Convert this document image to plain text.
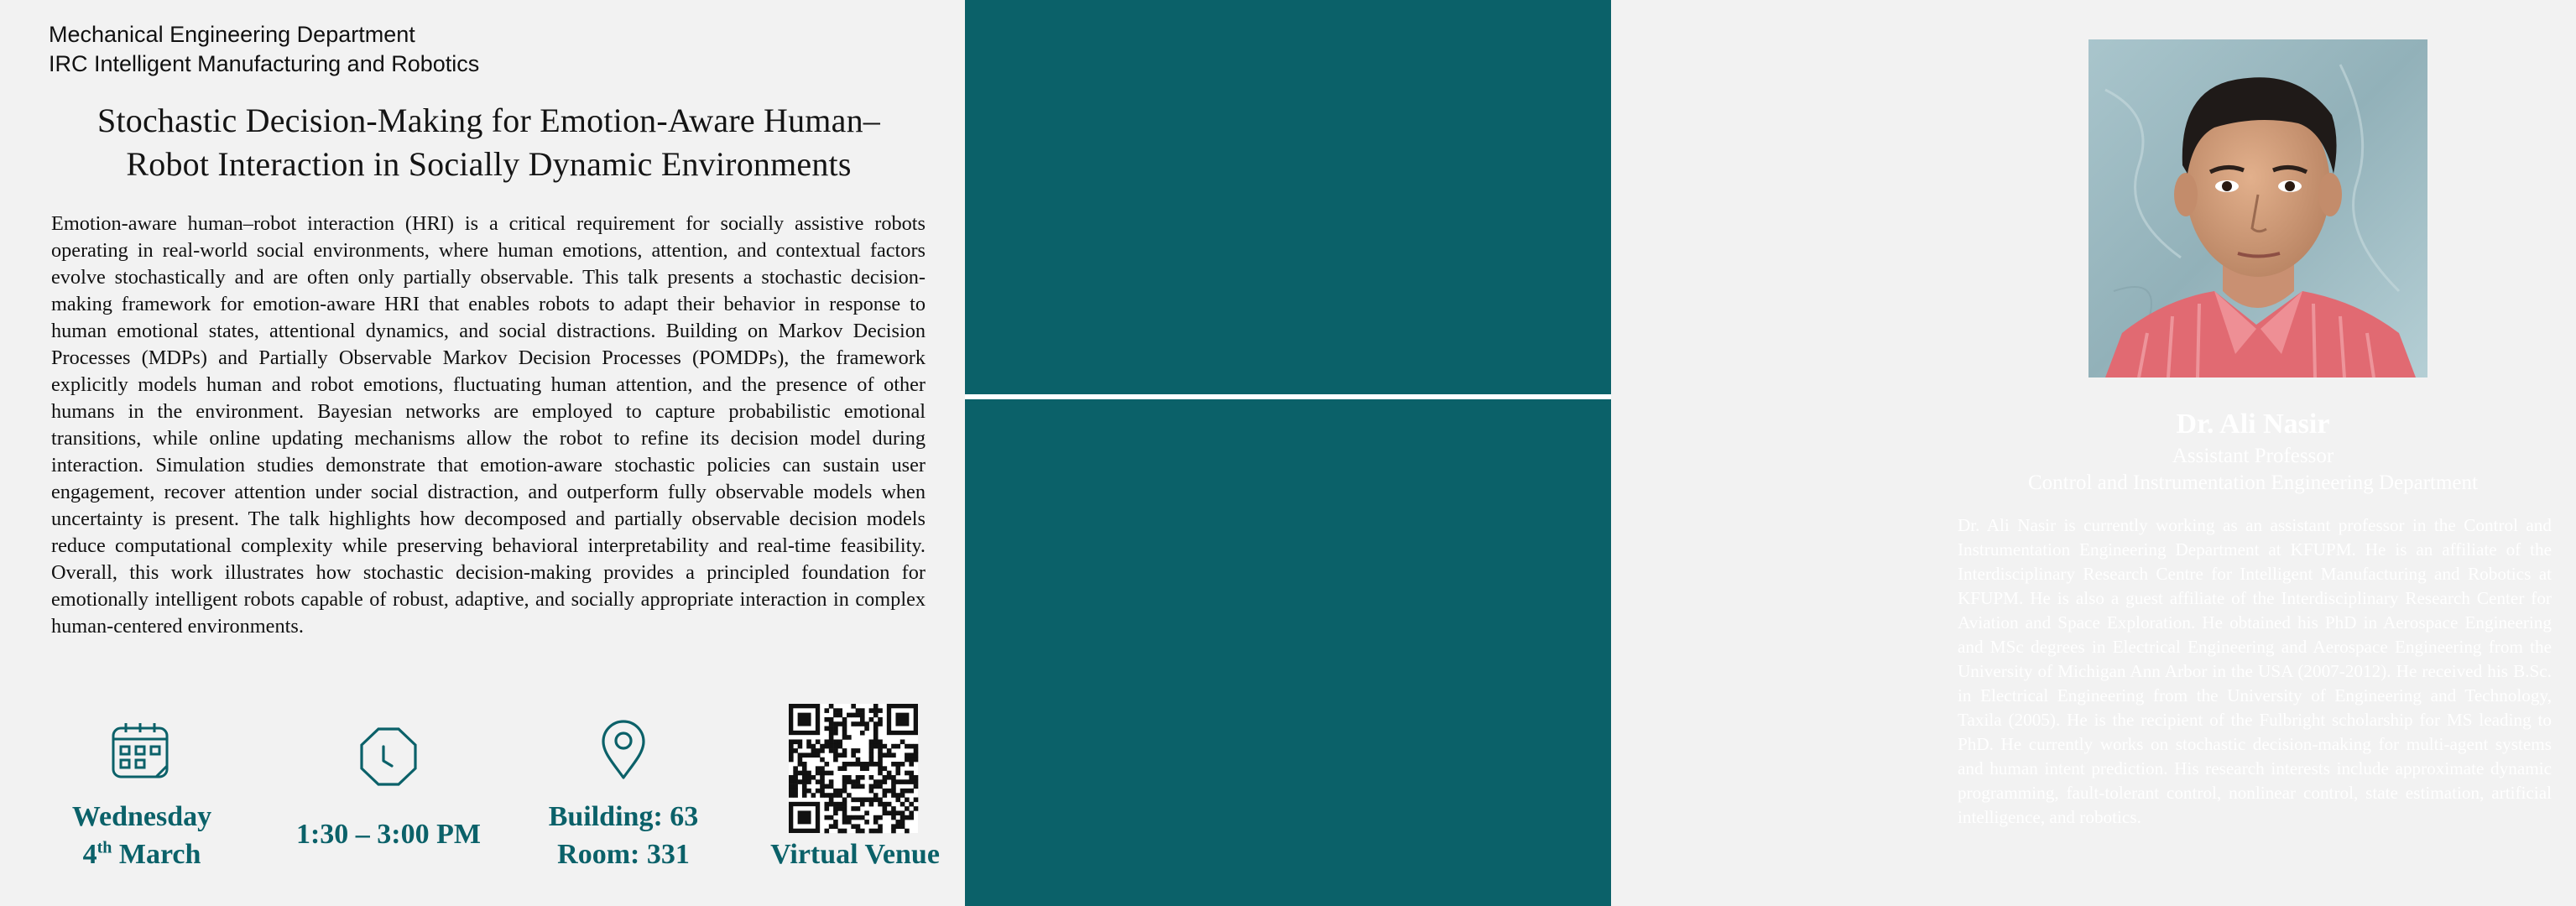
Mechanical Engineering Department
IRC Intelligent Manufacturing and Robotics
Stochastic Decision-Making for Emotion-Aware Human–
Robot Interaction in Socially Dynamic Environments

Emotion-aware human–robot interaction (HRI) is a critical requirement for socially assistive robots operating in real-world social environments, where human emotions, attention, and contextual factors evolve stochastically and are often only partially observable. This talk presents a stochastic decision-making framework for emotion-aware HRI that enables robots to adapt their behavior in response to human emotional states, attentional dynamics, and social distractions. Building on Markov Decision Processes (MDPs) and Partially Observable Markov Decision Processes (POMDPs), the framework explicitly models human and robot emotions, fluctuating human attention, and the presence of other humans in the environment. Bayesian networks are employed to capture probabilistic emotional transitions, while online updating mechanisms allow the robot to refine its decision model during interaction. Simulation studies demonstrate that emotion-aware stochastic policies can sustain user engagement, recover attention under social distraction, and outperform fully observable models when uncertainty is present. The talk highlights how decomposed and partially observable decision models reduce computational complexity while preserving behavioral interpretability and real-time feasibility. Overall, this work illustrates how stochastic decision-making provides a principled foundation for emotionally intelligent robots capable of robust, adaptive, and socially appropriate interaction in complex human-centered environments.

Wednesday
4th March
1:30 – 3:00 PM
Building: 63
Room: 331	Virtual Venue
Dr. Ali Nasir
Assistant Professor
Control and Instrumentation Engineering Department

Dr. Ali Nasir is currently working as an assistant professor in the Control and Instrumentation Engineering Department at KFUPM. He is an affiliate of the Interdisciplinary Research Centre for Intelligent Manufacturing and Robotics at KFUPM. He is also a guest affiliate of the Interdisciplinary Research Center for Aviation and Space Exploration. He obtained his PhD in Aerospace Engineering and MSc degrees in Electrical Engineering and Aerospace Engineering from the University of Michigan Ann Arbor in the USA (2007-2012). He received his B.Sc. in Electrical Engineering from the University of Engineering and Technology, Taxila (2005). He is the recipient of the Fulbright scholarship for MS leading to PhD. He currently works on stochastic decision-making for multi-agent systems and human intent prediction. His research interests include approximate dynamic programming, fault-tolerant control, nonlinear control, state estimation, artificial intelligence, and robotics.
